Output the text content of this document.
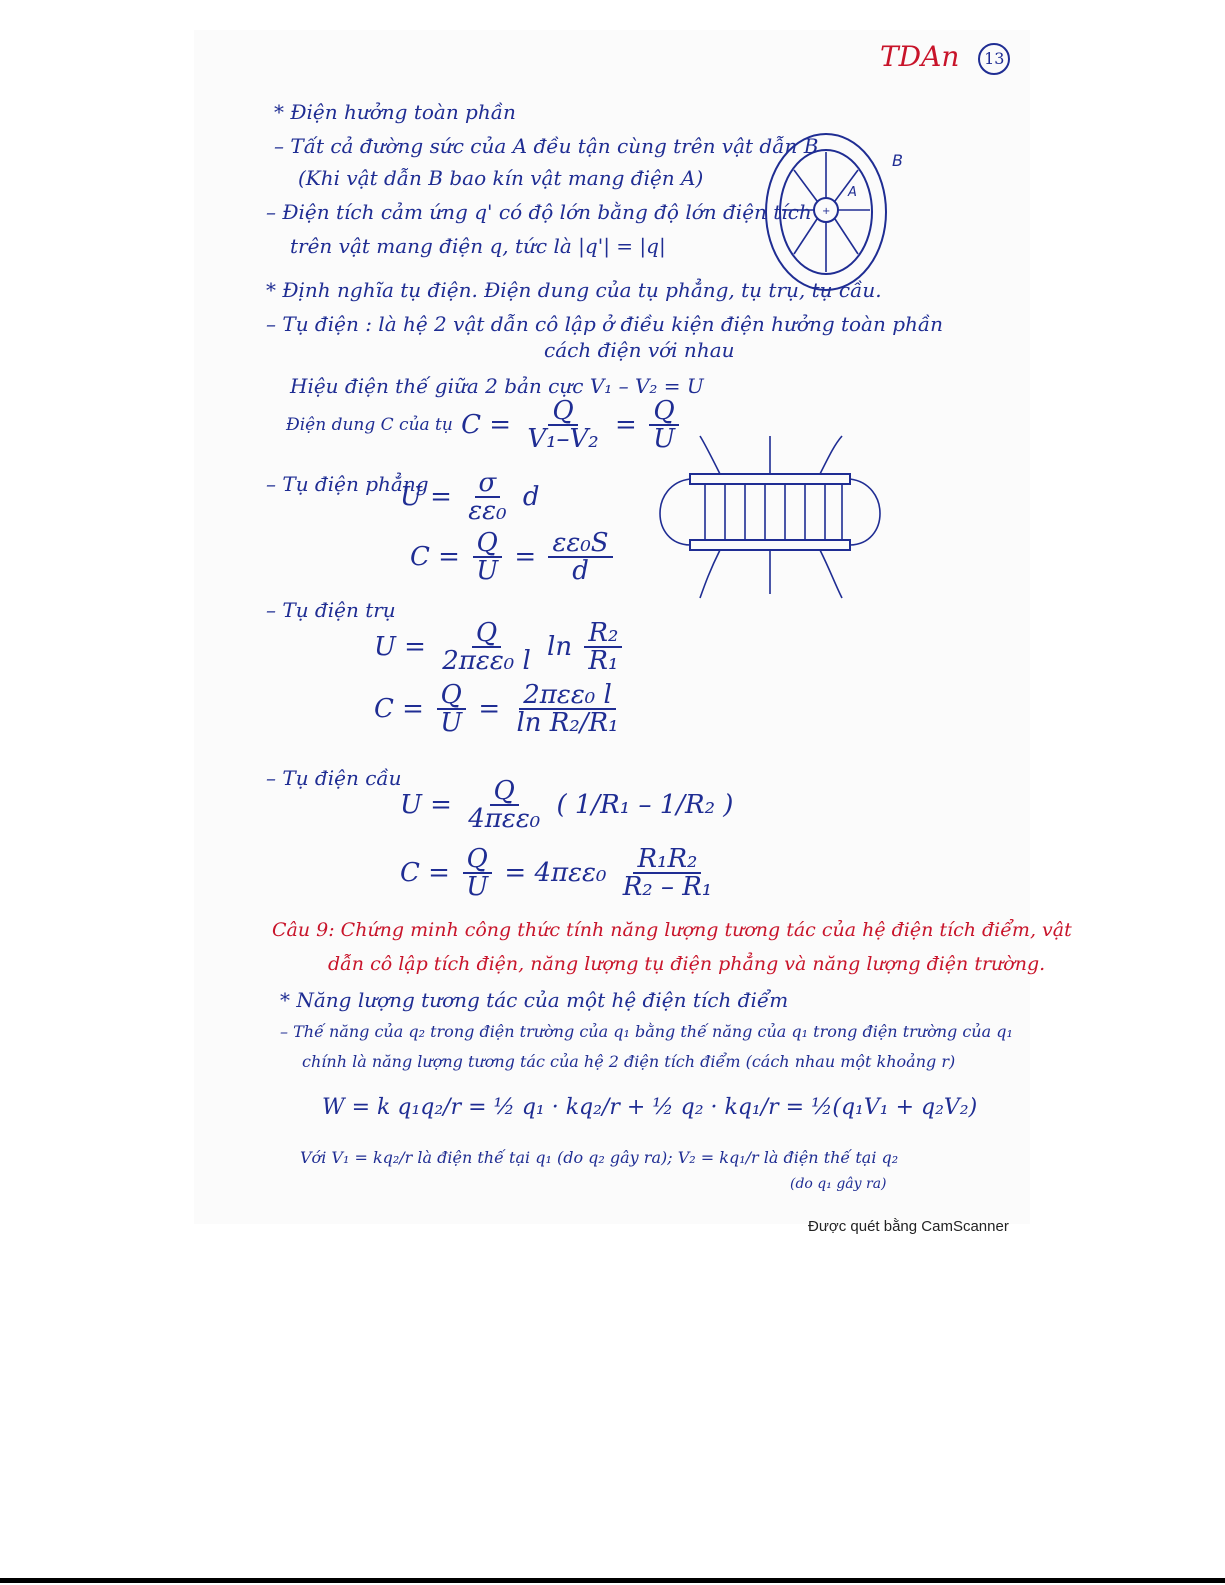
TDAn 13
* Điện hưởng toàn phần
– Tất cả đường sức của A đều tận cùng trên vật dẫn B
(Khi vật dẫn B bao kín vật mang điện A)
– Điện tích cảm ứng q' có độ lớn bằng độ lớn điện tích
trên vật mang điện q, tức là |q'| = |q|
+
A
B
* Định nghĩa tụ điện. Điện dung của tụ phẳng, tụ trụ, tụ cầu.
– Tụ điện : là hệ 2 vật dẫn cô lập ở điều kiện điện hưởng toàn phần
cách điện với nhau
Hiệu điện thế giữa 2 bản cực V₁ – V₂ = U
Điện dung C của tụ $C = \frac{Q}{\text{V₁–V₂}} = \frac{Q}{U}$
– Tụ điện phẳng
$U = \frac{\sigma}{\text{εε₀}}$ d
$C = \frac{Q}{U} = \frac{\text{εε₀S}}{d}$
– Tụ điện trụ
$U = \frac{Q}{\text{2πεε₀ l}}$ $\ln \frac{\text{R₂}}{\text{R₁}}$
$C = \frac{Q}{U} = \frac{\text{2πεε₀ l}}{\text{ln R₂/R₁}}$
– Tụ điện cầu
$U = \frac{Q}{\text{4πεε₀}}$ ( 1/R₁ – 1/R₂ )
$C = \frac{Q}{U} = 4\pi\varepsilon\varepsilon_0 \frac{\text{R₁R₂}}{\text{R₂ – R₁}}$
Câu 9: Chứng minh công thức tính năng lượng tương tác của hệ điện tích điểm, vật
dẫn cô lập tích điện, năng lượng tụ điện phẳng và năng lượng điện trường.
* Năng lượng tương tác của một hệ điện tích điểm
– Thế năng của q₂ trong điện trường của q₁ bằng thế năng của q₁ trong điện trường của q₁
chính là năng lượng tương tác của hệ 2 điện tích điểm (cách nhau một khoảng r)
W = k q₁q₂/r = ½ q₁ · kq₂/r + ½ q₂ · kq₁/r = ½(q₁V₁ + q₂V₂)
Với V₁ = kq₂/r là điện thế tại q₁ (do q₂ gây ra); V₂ = kq₁/r là điện thế tại q₂
(do q₁ gây ra)
Được quét bằng CamScanner
